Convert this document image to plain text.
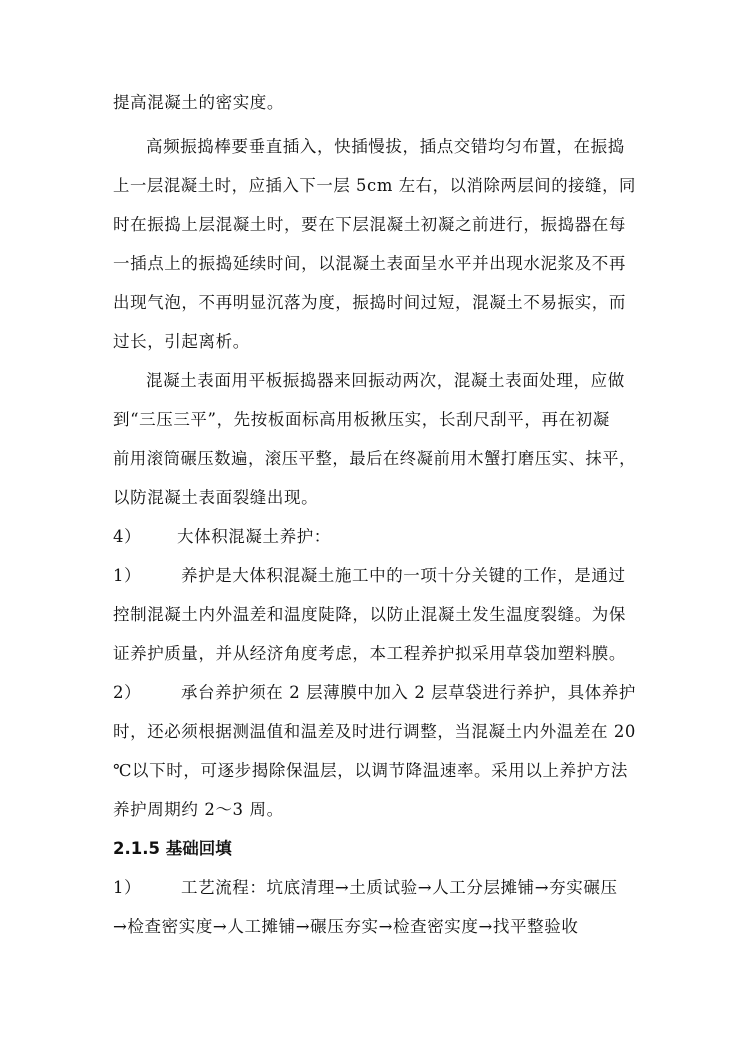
提高混凝土的密实度。
高频振捣棒要垂直插入，快插慢拔，插点交错均匀布置，在振捣
上一层混凝土时，应插入下一层 5cm 左右，以消除两层间的接缝，同
时在振捣上层混凝土时，要在下层混凝土初凝之前进行，振捣器在每
一插点上的振捣延续时间，以混凝土表面呈水平并出现水泥浆及不再
出现气泡，不再明显沉落为度，振捣时间过短，混凝土不易振实，而
过长，引起离析。
混凝土表面用平板振捣器来回振动两次，混凝土表面处理，应做
到“三压三平”，先按板面标高用板揪压实，长刮尺刮平，再在初凝
前用滚筒碾压数遍，滚压平整，最后在终凝前用木蟹打磨压实、抹平，
以防混凝土表面裂缝出现。
4） 大体积混凝土养护：
1） 养护是大体积混凝土施工中的一项十分关键的工作，是通过
控制混凝土内外温差和温度陡降，以防止混凝土发生温度裂缝。为保
证养护质量，并从经济角度考虑，本工程养护拟采用草袋加塑料膜。
2） 承台养护须在 2 层薄膜中加入 2 层草袋进行养护，具体养护
时，还必须根据测温值和温差及时进行调整，当混凝土内外温差在 20
℃以下时，可逐步揭除保温层，以调节降温速率。采用以上养护方法
养护周期约 2～3 周。
2.1.5 基础回填
1） 工艺流程：坑底清理→土质试验→人工分层摊铺→夯实碾压
→检查密实度→人工摊铺→碾压夯实→检查密实度→找平整验收
